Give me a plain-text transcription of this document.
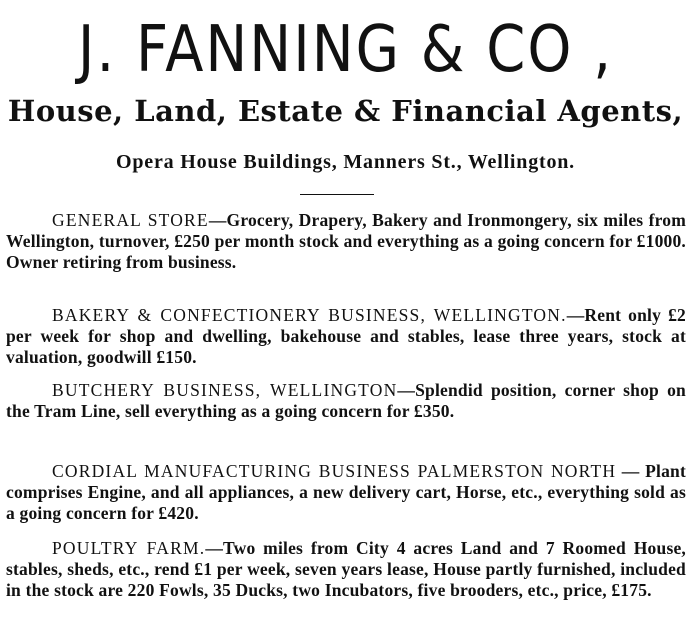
J. FANNING & CO ,
House, Land, Estate & Financial Agents,
Opera House Buildings, Manners St., Wellington.
GENERAL STORE—Grocery, Drapery, Bakery and Ironmongery, six miles from Wellington, turnover, £250 per month stock and everything as a going concern for £1000. Owner retiring from business.
BAKERY & CONFECTIONERY BUSINESS, WELLINGTON.—Rent only £2 per week for shop and dwelling, bakehouse and stables, lease three years, stock at valuation, goodwill £150.
BUTCHERY BUSINESS, WELLINGTON—Splendid position, corner shop on the Tram Line, sell everything as a going concern for £350.
CORDIAL MANUFACTURING BUSINESS PALMERSTON NORTH — Plant comprises Engine, and all appliances, a new delivery cart, Horse, etc., everything sold as a going concern for £420.
POULTRY FARM.—Two miles from City 4 acres Land and 7 Roomed House, stables, sheds, etc., rend £1 per week, seven years lease, House partly furnished, included in the stock are 220 Fowls, 35 Ducks, two Incubators, five brooders, etc., price, £175.
